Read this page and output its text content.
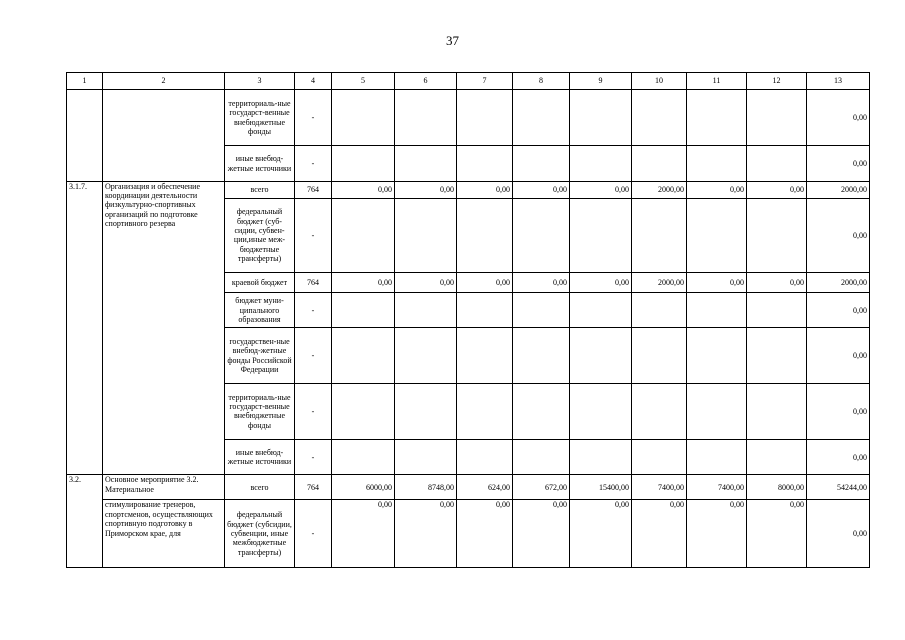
37
1	2	3	4	5	6	7	8	9	10	11	12	13
		территориаль-ные государст-венные внебюджетные фонды	-									0,00
		иные внебюд-жетные источники	-									0,00
3.1.7.	Организация и обеспечение координации деятельности физкультурно-спортивных организаций по подготовке спортивного резерва	всего	764	0,00	0,00	0,00	0,00	0,00	2000,00	0,00	0,00	2000,00
		федеральный бюджет (суб-сидии, субвен-ции,иные меж-бюджетные трансферты)	-									0,00
		краевой бюджет	764	0,00	0,00	0,00	0,00	0,00	2000,00	0,00	0,00	2000,00
		бюджет муни-ципального образования	-									0,00
		государствен-ные внебюд-жетные фонды Российской Федерации	-									0,00
		территориаль-ные государст-венные внебюджетные фонды	-									0,00
		иные внебюд-жетные источники	-									0,00
3.2.	Основное мероприятие 3.2. Материальное	всего	764	6000,00	8748,00	624,00	672,00	15400,00	7400,00	7400,00	8000,00	54244,00
	стимулирование тренеров, спортсменов, осуществляющих спортивную подготовку в Приморском крае, для	федеральный бюджет (субсидии, субвенции, иные межбюджетные трансферты)	-	0,00	0,00	0,00	0,00	0,00	0,00	0,00	0,00	0,00
